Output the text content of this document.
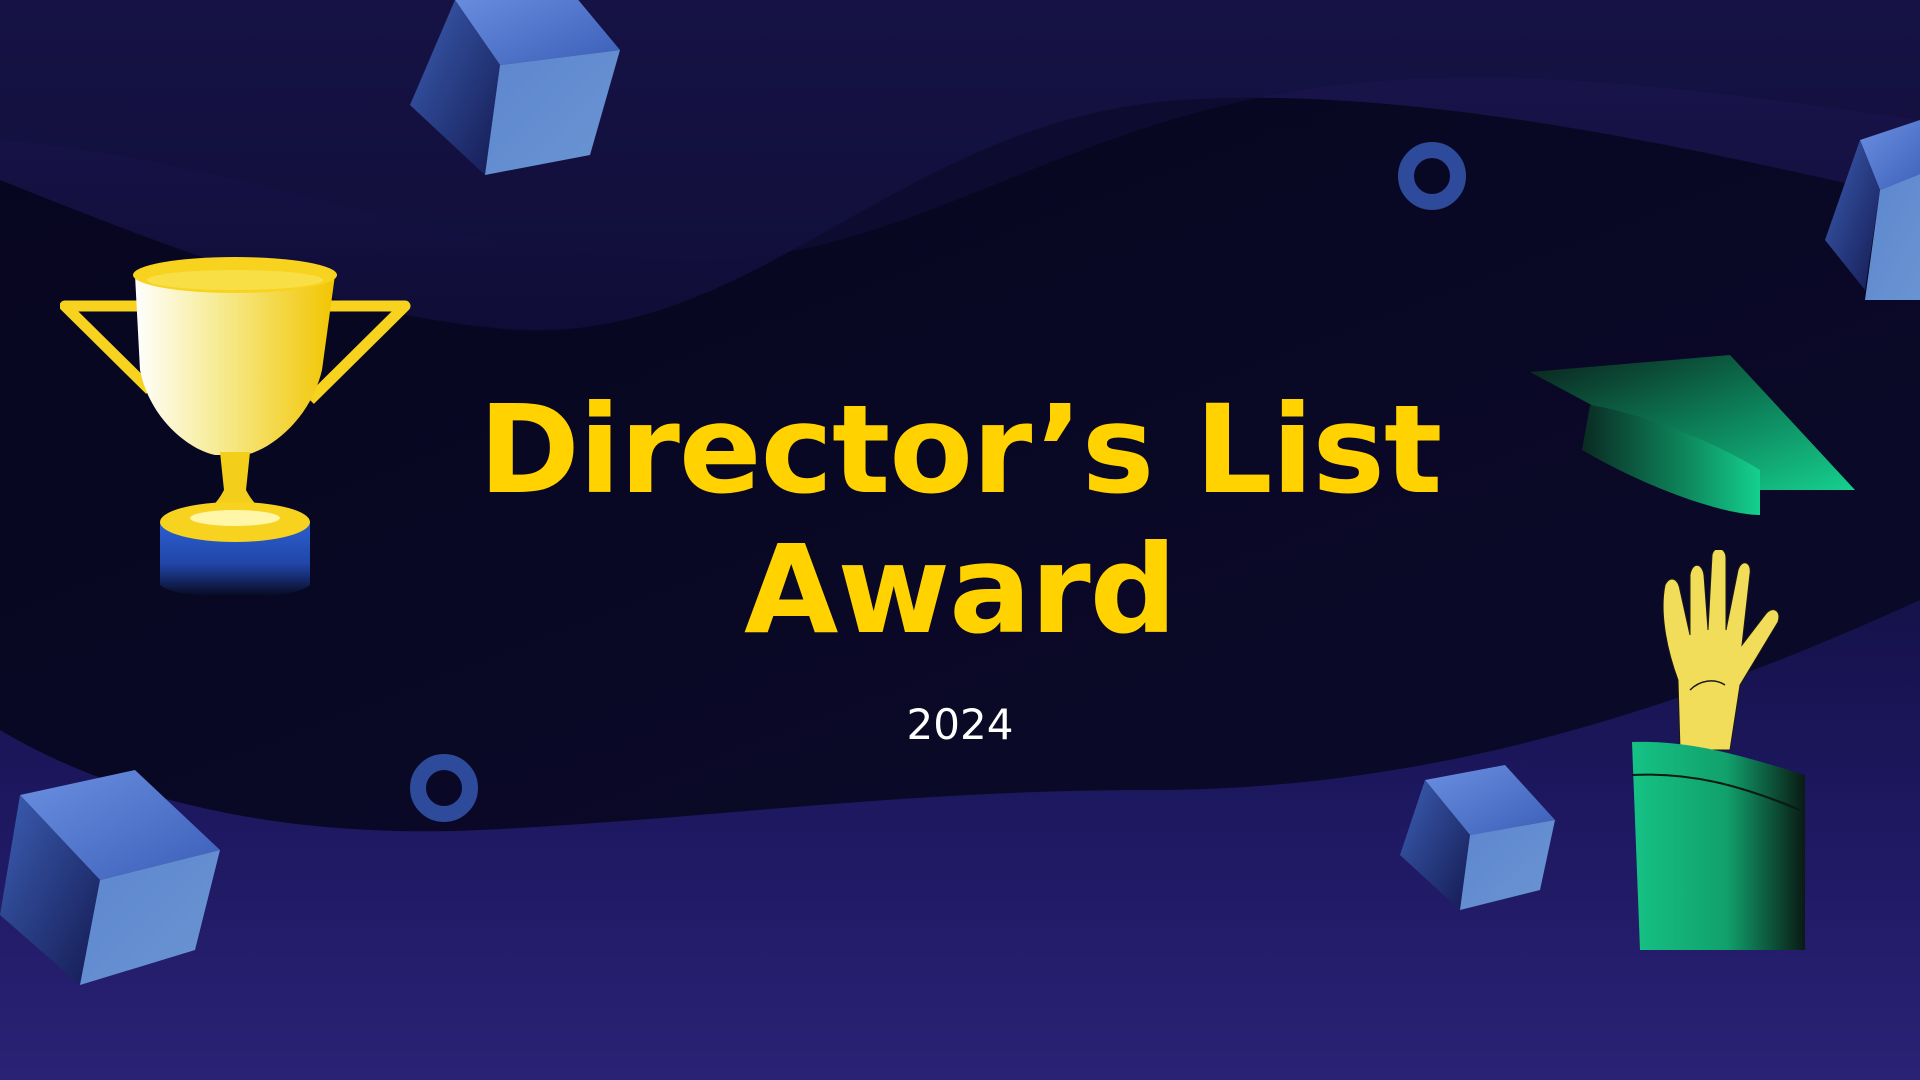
Director’s List
Award
2024
